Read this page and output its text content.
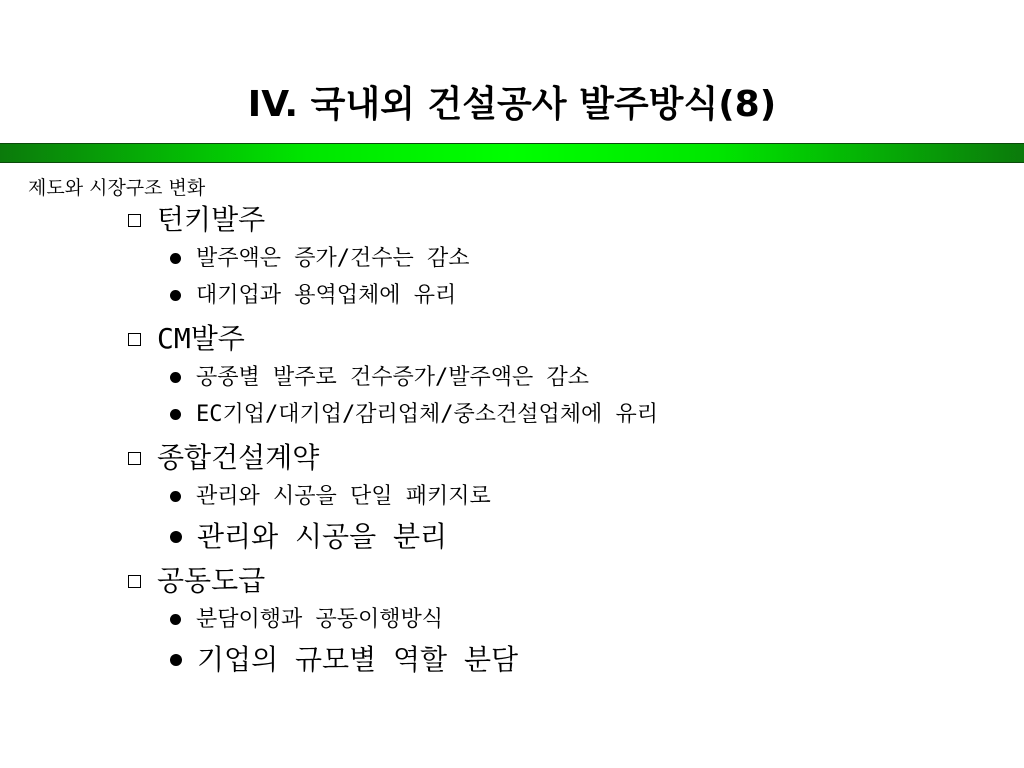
IV. 국내외 건설공사 발주방식(8)

제도와 시장구조 변화

턴키발주
발주액은 증가/건수는 감소
대기업과 용역업체에 유리
CM발주
공종별 발주로 건수증가/발주액은 감소
EC기업/대기업/감리업체/중소건설업체에 유리
종합건설계약
관리와 시공을 단일 패키지로
관리와 시공을 분리
공동도급
분담이행과 공동이행방식
기업의 규모별 역할 분담
